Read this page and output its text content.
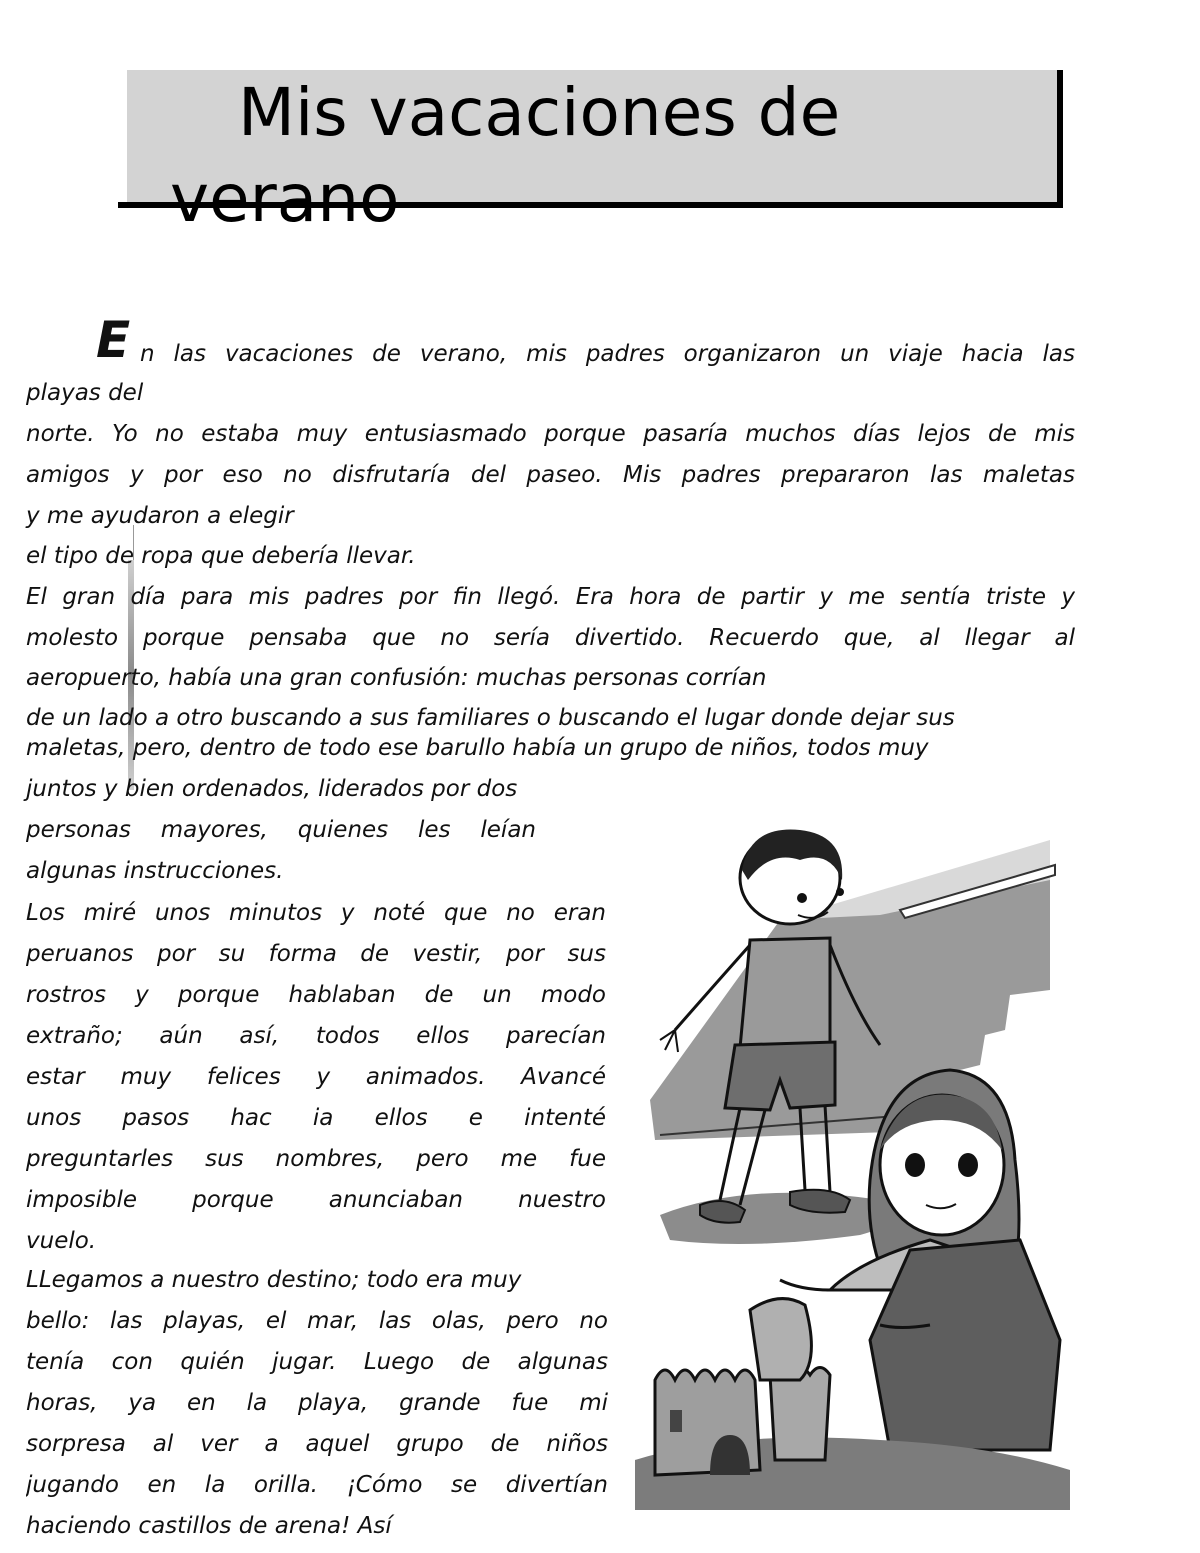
Mis vacaciones de
verano
E n las vacaciones de verano, mis padres organizaron un viaje hacia las
playas del
norte. Yo no estaba muy entusiasmado porque pasaría muchos días lejos de mis
amigos y por eso no disfrutaría del paseo. Mis padres prepararon las maletas
y me ayudaron a elegir
el tipo de ropa que debería llevar.
El gran día para mis padres por fin llegó. Era hora de partir y me sentía triste y
molesto porque pensaba que no sería divertido. Recuerdo que, al llegar al
aeropuerto, había una gran confusión: muchas personas corrían
de un lado a otro buscando a sus familiares o buscando el lugar donde dejar sus
maletas, pero, dentro de todo ese barullo había un grupo de niños, todos muy
juntos y bien ordenados, liderados por dos
personas mayores, quienes les leían
algunas instrucciones.
Los miré unos minutos y noté que no eran
peruanos por su forma de vestir, por sus
rostros y porque hablaban de un modo
extraño; aún así, todos ellos parecían
estar muy felices y animados. Avancé
unos pasos hac ia ellos e intenté
preguntarles sus nombres, pero me fue
imposible porque anunciaban nuestro
vuelo.
LLegamos a nuestro destino; todo era muy
bello: las playas, el mar, las olas, pero no
tenía con quién jugar. Luego de algunas
horas, ya en la playa, grande fue mi
sorpresa al ver a aquel grupo de niños
jugando en la orilla. ¡Cómo se divertían
haciendo castillos de arena! Así
